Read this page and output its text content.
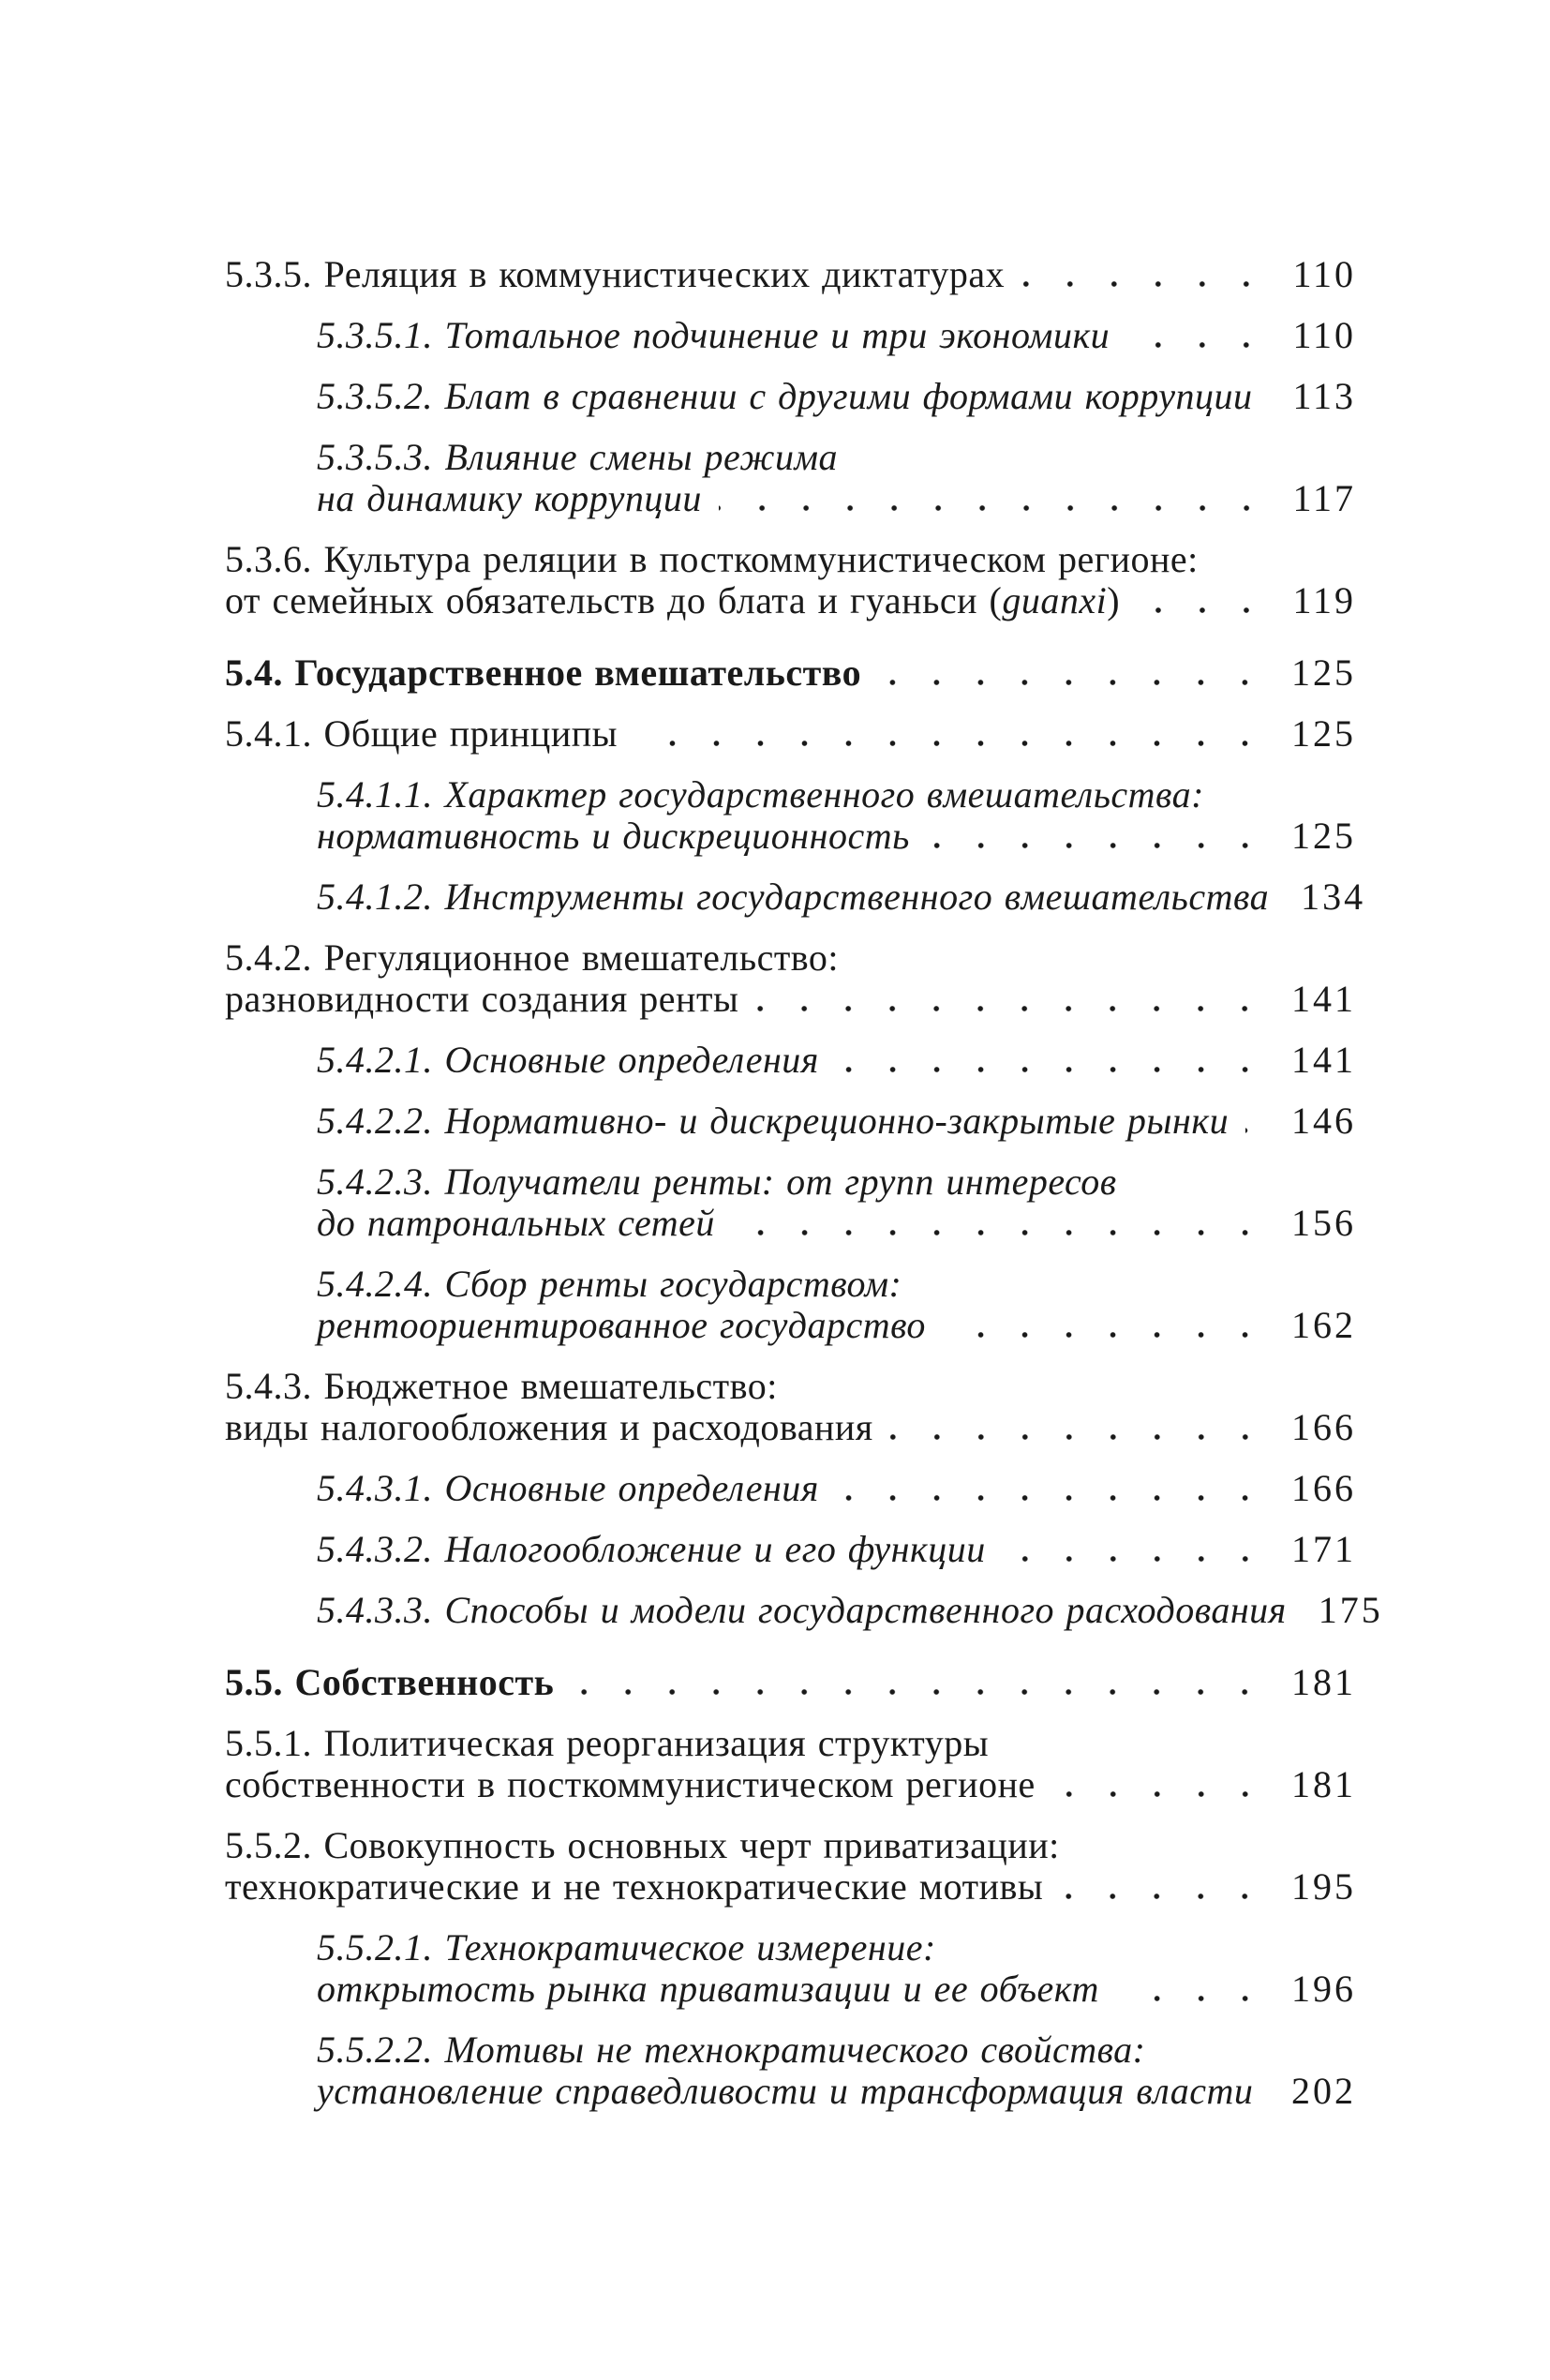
5.3.5. Реляция в коммунистических диктатурах	110
5.3.5.1. Тотальное подчинение и три экономики	110
5.3.5.2. Блат в сравнении с другими формами коррупции 113
5.3.5.3. Влияние смены режима
на динамику коррупции	117
5.3.6. Культура реляции в посткоммунистическом регионе:
от семейных обязательств до блата и гуаньси (guanxi)	119
5.4. Государственное вмешательство	125
5.4.1. Общие принципы	125
5.4.1.1. Характер государственного вмешательства:
нормативность и дискреционность	125
5.4.1.2. Инструменты государственного вмешательства 134
5.4.2. Регуляционное вмешательство:
разновидности создания ренты	141
5.4.2.1. Основные определения	141
5.4.2.2. Нормативно- и дискреционно-закрытые рынки 146
5.4.2.3. Получатели ренты: от групп интересов
до патрональных сетей	156
5.4.2.4. Сбор ренты государством:
рентоориентированное государство	162
5.4.3. Бюджетное вмешательство:
виды налогообложения и расходования	166
5.4.3.1. Основные определения	166
5.4.3.2. Налогообложение и его функции	171
5.4.3.3. Способы и модели государственного расходования 175
5.5. Собственность	181
5.5.1. Политическая реорганизация структуры
собственности в посткоммунистическом регионе	181
5.5.2. Совокупность основных черт приватизации:
технократические и не технократические мотивы	195
5.5.2.1. Технократическое измерение:
открытость рынка приватизации и ее объект	196
5.5.2.2. Мотивы не технократического свойства:
установление справедливости и трансформация власти 202
